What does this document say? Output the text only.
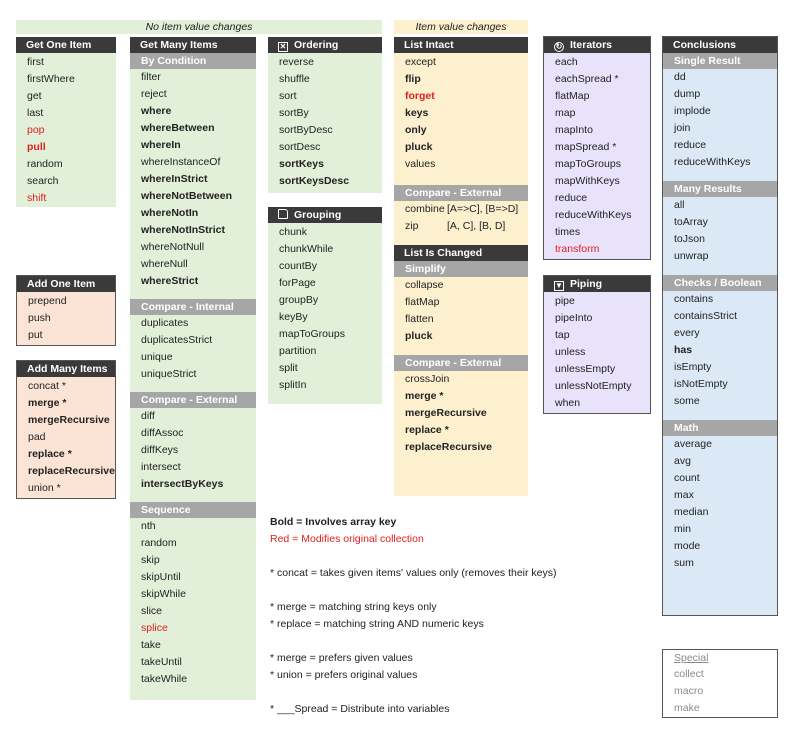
No item value changes	Item value changes
Get One Item
first
firstWhere
get
last
pop
pull
random
search
shift
Add One Item
prepend
push
put
Add Many Items
concat *
merge *
mergeRecursive
pad
replace *
replaceRecursive
union *
Get Many Items
By Condition
filter
reject
where
whereBetween
whereIn
whereInstanceOf
whereInStrict
whereNotBetween
whereNotIn
whereNotInStrict
whereNotNull
whereNull
whereStrict
Compare - Internal
duplicates
duplicatesStrict
unique
uniqueStrict
Compare - External
diff
diffAssoc
diffKeys
intersect
intersectByKeys
Sequence
nth
random
skip
skipUntil
skipWhile
slice
splice
take
takeUntil
takeWhile
✕ Ordering
reverse
shuffle
sort
sortBy
sortByDesc
sortDesc
sortKeys
sortKeysDesc
Grouping
chunk
chunkWhile
countBy
forPage
groupBy
keyBy
mapToGroups
partition
split
splitIn
List Intact
except
flip
forget
keys
only
pluck
values
Compare - External
combine [A=>C], [B=>D]
zip	[A, C], [B, D]
List Is Changed
Simplify
collapse
flatMap
flatten
pluck
Compare - External
crossJoin
merge *
mergeRecursive
replace *
replaceRecursive
↻ Iterators
each
eachSpread *
flatMap
map
mapInto
mapSpread *
mapToGroups
mapWithKeys
reduce
reduceWithKeys
times
transform
▼ Piping
pipe
pipeInto
tap
unless
unlessEmpty
unlessNotEmpty
when
Conclusions
Single Result
dd
dump
implode
join
reduce
reduceWithKeys
Many Results
all
toArray
toJson
unwrap
Checks / Boolean
contains
containsStrict
every
has
isEmpty
isNotEmpty
some
Math
average
avg
count
max
median
min
mode
sum
Special
collect
macro
make
Bold = Involves array key
Red = Modifies original collection
* concat = takes given items' values only (removes their keys)
* merge = matching string keys only
* replace = matching string AND numeric keys
* merge = prefers given values
* union = prefers original values
* ___Spread = Distribute into variables
